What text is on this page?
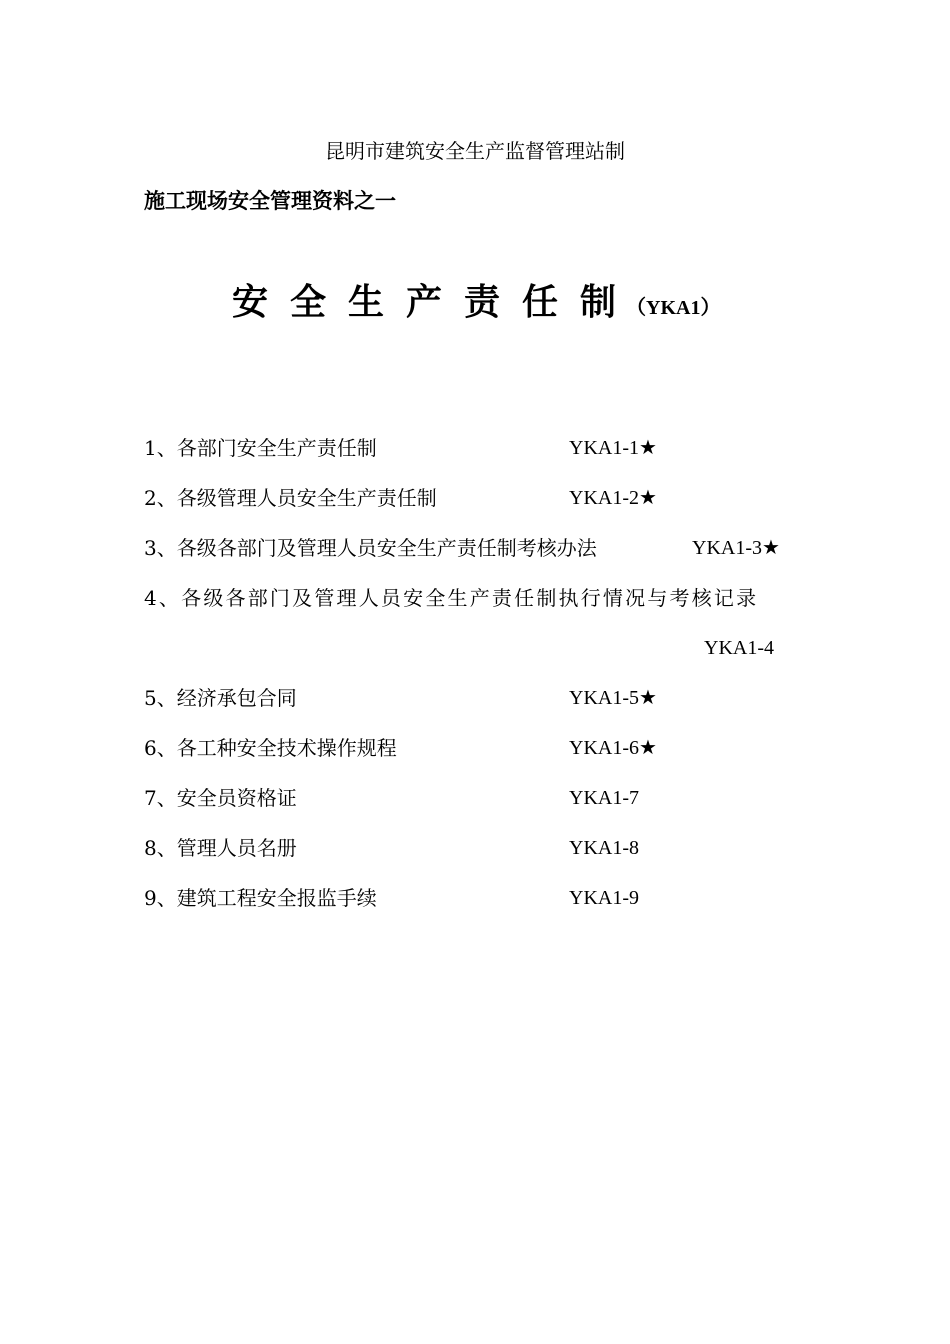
昆明市建筑安全生产监督管理站制
施工现场安全管理资料之一
安全生产责任制（YKA1）
1、各部门安全生产责任制	YKA1-1★
2、各级管理人员安全生产责任制	YKA1-2★
3、各级各部门及管理人员安全生产责任制考核办法	YKA1-3★
4、各级各部门及管理人员安全生产责任制执行情况与考核记录
YKA1-4
5、经济承包合同	YKA1-5★
6、各工种安全技术操作规程	YKA1-6★
7、安全员资格证	YKA1-7
8、管理人员名册	YKA1-8
9、建筑工程安全报监手续	YKA1-9
